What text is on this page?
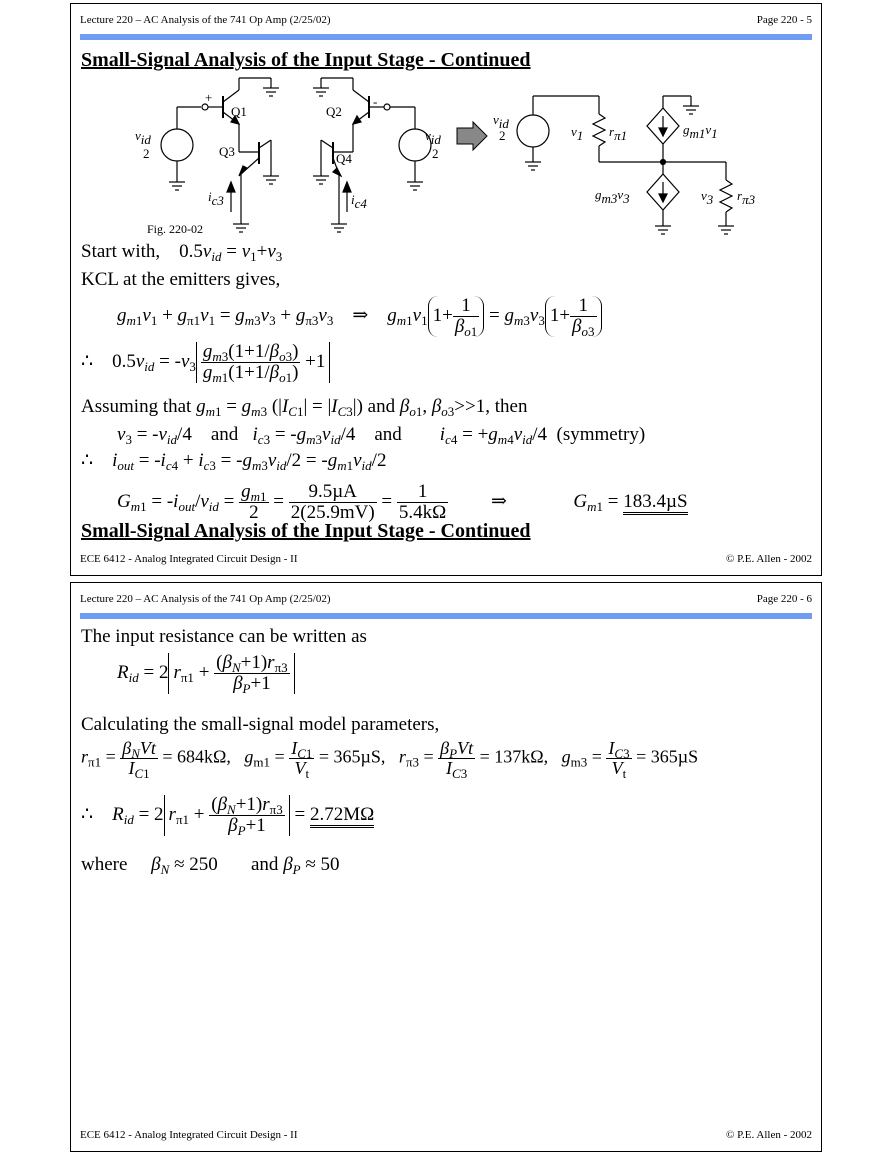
Lecture 220 – AC Analysis of the 741 Op Amp (2/25/02)	Page 220 - 5
Small-Signal Analysis of the Input Stage - Continued
+
Q1	Q2
-
Q3	Q4
$v_{id}$
2
$v_{id}$
2
$i_{c3}$	$i_{c4}$
Fig. 220-02
$v_{id}$
2	$v_1$ $r_{\pi 1}$	$g_{m1}v_1$
$g_{m3}v_3$	$v_3$ $r_{\pi 3}$
Start with,    $0.5v_{id} = v_1+v_3$
KCL at the emitters gives,
$g_{m1}v_1 + g_{\pi 1}v_1 = g_{m3}v_3 + g_{\pi 3}v_3$    ⇒    $g_{m1}v_1$ $1+ \frac{1}{\beta_{o1}} = g_{m3}v_3$ $1+ \frac{1}{\beta_{o3}}$
∴    $0.5v_{id} = -v_3 \frac{g_{m3}(1+1/\beta_{o3})}{g_{m1}(1+1/\beta_{o1})} +1$
Assuming that $g_{m1} = g_{m3}$ $(|I_{C1}| = |I_{C3}|)$ and $\beta_{o1}$, $\beta_{o3}>>1$, then
$v_3 = -v_{id}/4$    and   $i_{c3} = -g_{m3}v_{id}/4$    and        $i_{c4} = +g_{m4}v_{id}/4$  (symmetry)
∴ $i_{out} = -i_{c4} + i_{c3} = -g_{m3}v_{id}/2 = -g_{m1}v_{id}/2$
$G_{m1} = -i_{out}/v_{id} = \frac{g_{m1}}{2} = \frac{\text{9.5µA}}{2(25.9mV)} = \frac{1}{5.4k\Omega}$ ⇒              $G_{m1} = 183.4\mu S$
Small-Signal Analysis of the Input Stage - Continued
ECE 6412 - Analog Integrated Circuit Design - II	© P.E. Allen - 2002
Lecture 220 – AC Analysis of the 741 Op Amp (2/25/02)	Page 220 - 6
The input resistance can be written as
$R_{id} = 2$ $r_{\pi 1} + \frac{(\beta_N+1)r_{\pi 3}}{\beta_P+1}$
Calculating the small-signal model parameters,
$r_{\pi 1} = \frac{\beta_NVt}{I_{C1}} = 684k\Omega$, $g_{m1} = \frac{I_{C1}}{V_t} = 365\mu S$, $r_{\pi 3} = \frac{\beta_PVt}{I_{C3}} = 137k\Omega$, $g_{m3} = \frac{I_{C3}}{V_t} = 365\mu S$
∴ $R_{id} = 2$ $r_{\pi 1} + \frac{(\beta_N+1)r_{\pi 3}}{\beta_P+1} = 2.72M\Omega$
where $\beta_N \approx 250$ and $\beta_P \approx 50$
ECE 6412 - Analog Integrated Circuit Design - II	© P.E. Allen - 2002
